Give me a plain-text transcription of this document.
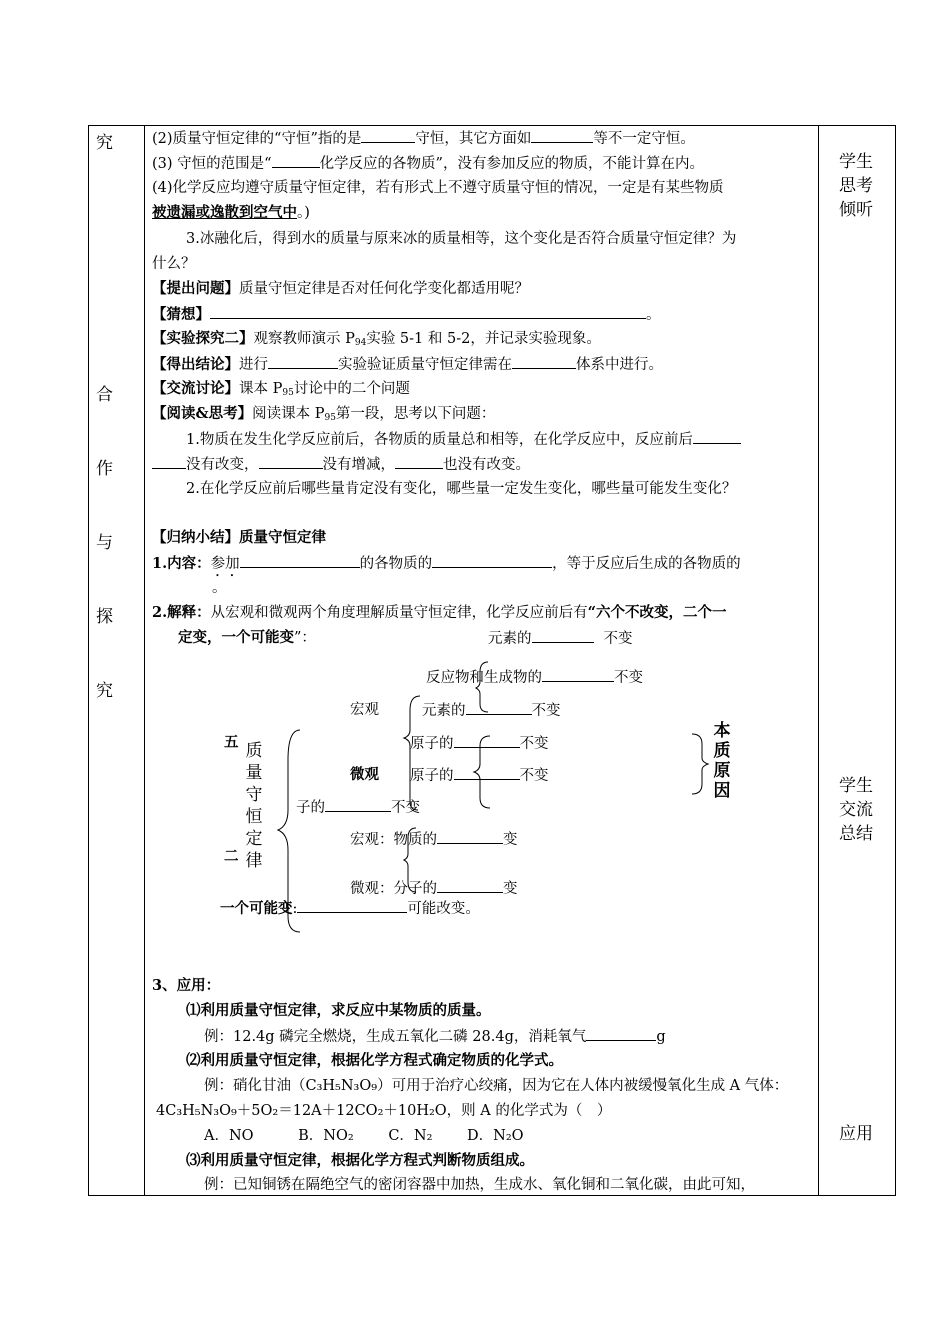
究
合
作
与
探
究
学生
思考
倾听
学生
交流
总结
应用
(2)质量守恒定律的“守恒”指的是	守恒，其它方面如	等不一定守恒。
(3) 守恒的范围是“	化学反应的各物质”，没有参加反应的物质，不能计算在内。
(4)化学反应均遵守质量守恒定律，若有形式上不遵守质量守恒的情况，一定是有某些物质
被遗漏或逸散到空气中。)
3.冰融化后，得到水的质量与原来冰的质量相等，这个变化是否符合质量守恒定律？为
什么？
【提出问题】质量守恒定律是否对任何化学变化都适用呢？
【猜想】	。
【实验探究二】观察教师演示 $P_{94}$实验 5-1 和 5-2，并记录实验现象。
【得出结论】进行	实验验证质量守恒定律需在	体系中进行。
【交流讨论】课本 $P_{95}$讨论中的二个问题
【阅读&思考】阅读课本 $P_{95}$第一段，思考以下问题：
1.物质在发生化学反应前后，各物质的质量总和相等，在化学反应中，反应前后
没有改变，	没有增减，	也没有改变。
2.在化学反应前后哪些量肯定没有变化，哪些量一定发生变化，哪些量可能发生变化？
【归纳小结】质量守恒定律
1.内容：参加	的各物质的	，等于反应后生成的各物质的
。
2.解释：从宏观和微观两个角度理解质量守恒定律，化学反应前后有“六个不改变，二个一
定变，一个可能变”：	元素的	不变
反应物和生成物的	不变
宏观	元素的	不变
五	原子的	不变
微观 原子的	不变
子的	不变
二
宏观：物质的	变
微观：分子的	变
一个可能变:	可能改变。
质
量
守
恒
定
律
本
质
原
因
3、应用：
⑴利用质量守恒定律，求反应中某物质的质量。
例：12.4g 磷完全燃烧，生成五氧化二磷 28.4g，消耗氧气	g
⑵利用质量守恒定律，根据化学方程式确定物质的化学式。
例：硝化甘油（C₃H₅N₃O₉）可用于治疗心绞痛，因为它在人体内被缓慢氧化生成 A 气体：
4C₃H₅N₃O₉＋5O₂＝12A＋12CO₂＋10H₂O，则 A 的化学式为（　）
A．NO	B．NO₂ C．N₂ D．N₂O
⑶利用质量守恒定律，根据化学方程式判断物质组成。
例：已知铜锈在隔绝空气的密闭容器中加热，生成水、氧化铜和二氧化碳，由此可知，
